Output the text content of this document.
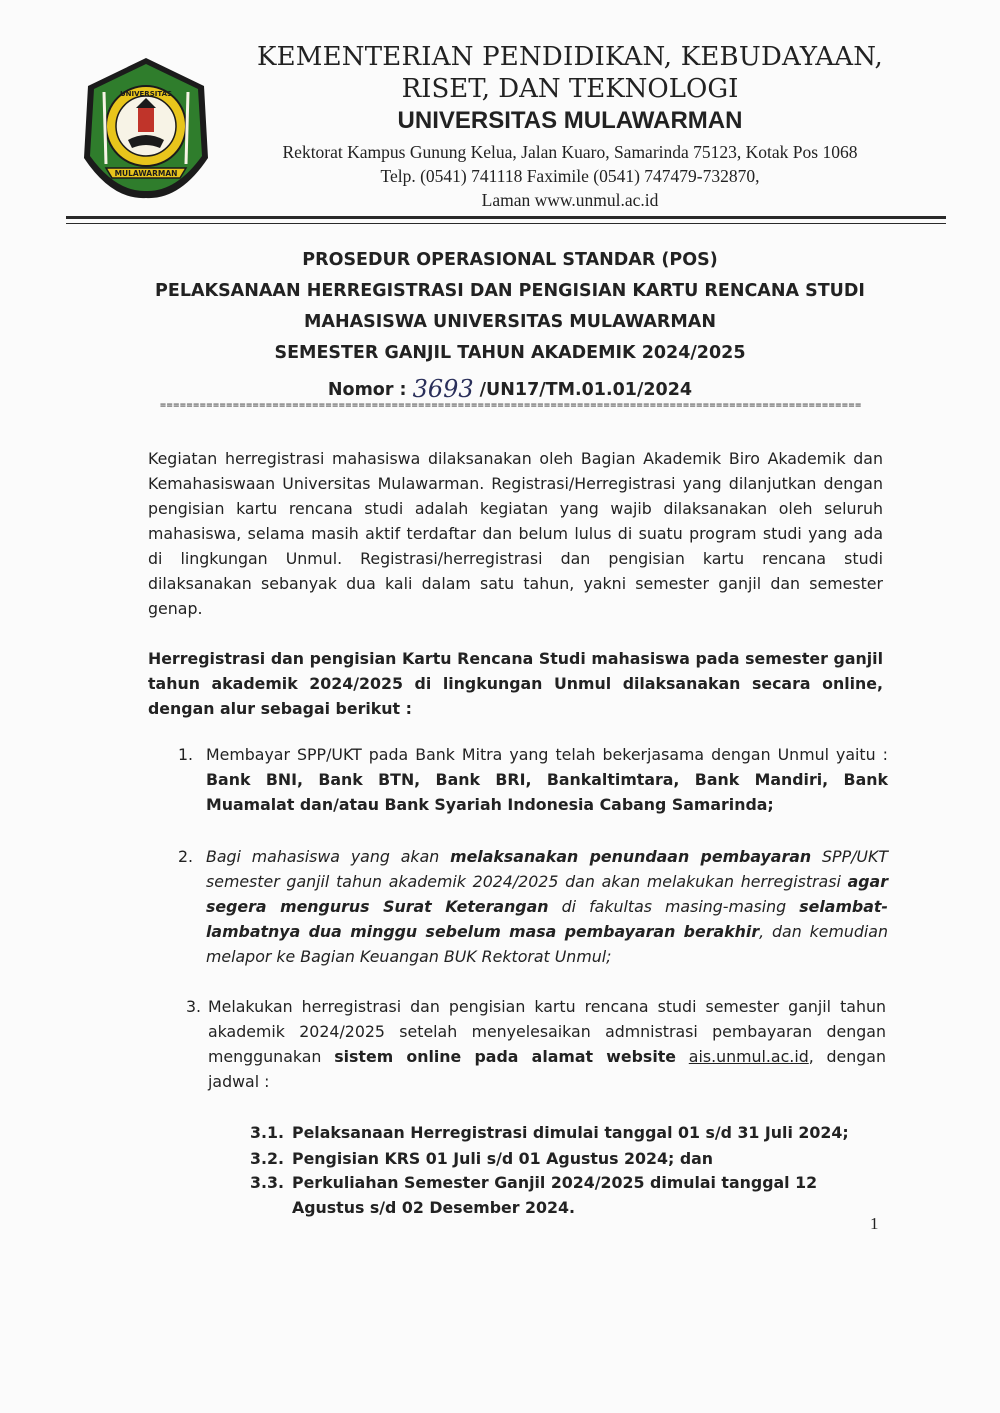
UNIVERSITAS
MULAWARMAN
KEMENTERIAN PENDIDIKAN, KEBUDAYAAN,
RISET, DAN TEKNOLOGI
UNIVERSITAS MULAWARMAN
Rektorat Kampus Gunung Kelua, Jalan Kuaro, Samarinda 75123, Kotak Pos 1068
Telp. (0541) 741118 Faximile (0541) 747479-732870,
Laman www.unmul.ac.id
PROSEDUR OPERASIONAL STANDAR (POS)
PELAKSANAAN HERREGISTRASI DAN PENGISIAN KARTU RENCANA STUDI
MAHASISWA UNIVERSITAS MULAWARMAN
SEMESTER GANJIL TAHUN AKADEMIK 2024/2025
Nomor : 3693 /UN17/TM.01.01/2024
==========================================================================================================
Kegiatan herregistrasi mahasiswa dilaksanakan oleh Bagian Akademik Biro Akademik dan Kemahasiswaan Universitas Mulawarman. Registrasi/Herregistrasi yang dilanjutkan dengan pengisian kartu rencana studi adalah kegiatan yang wajib dilaksanakan oleh seluruh mahasiswa, selama masih aktif terdaftar dan belum lulus di suatu program studi yang ada di lingkungan Unmul. Registrasi/herregistrasi dan pengisian kartu rencana studi dilaksanakan sebanyak dua kali dalam satu tahun, yakni semester ganjil dan semester genap.
Herregistrasi dan pengisian Kartu Rencana Studi mahasiswa pada semester ganjil tahun akademik 2024/2025 di lingkungan Unmul dilaksanakan secara online, dengan alur sebagai berikut :
1. Membayar SPP/UKT pada Bank Mitra yang telah bekerjasama dengan Unmul yaitu : Bank BNI, Bank BTN, Bank BRI, Bankaltimtara, Bank Mandiri, Bank Muamalat dan/atau Bank Syariah Indonesia Cabang Samarinda;
2. Bagi mahasiswa yang akan melaksanakan penundaan pembayaran SPP/UKT semester ganjil tahun akademik 2024/2025 dan akan melakukan herregistrasi agar segera mengurus Surat Keterangan di fakultas masing-masing selambat-lambatnya dua minggu sebelum masa pembayaran berakhir, dan kemudian melapor ke Bagian Keuangan BUK Rektorat Unmul;
3. Melakukan herregistrasi dan pengisian kartu rencana studi semester ganjil tahun akademik 2024/2025 setelah menyelesaikan admnistrasi pembayaran dengan menggunakan sistem online pada alamat website ais.unmul.ac.id, dengan jadwal :
3.1. Pelaksanaan Herregistrasi dimulai tanggal 01 s/d 31 Juli 2024;
3.2. Pengisian KRS 01 Juli s/d 01 Agustus 2024; dan
3.3. Perkuliahan Semester Ganjil 2024/2025 dimulai tanggal 12 Agustus s/d 02 Desember 2024.
1
